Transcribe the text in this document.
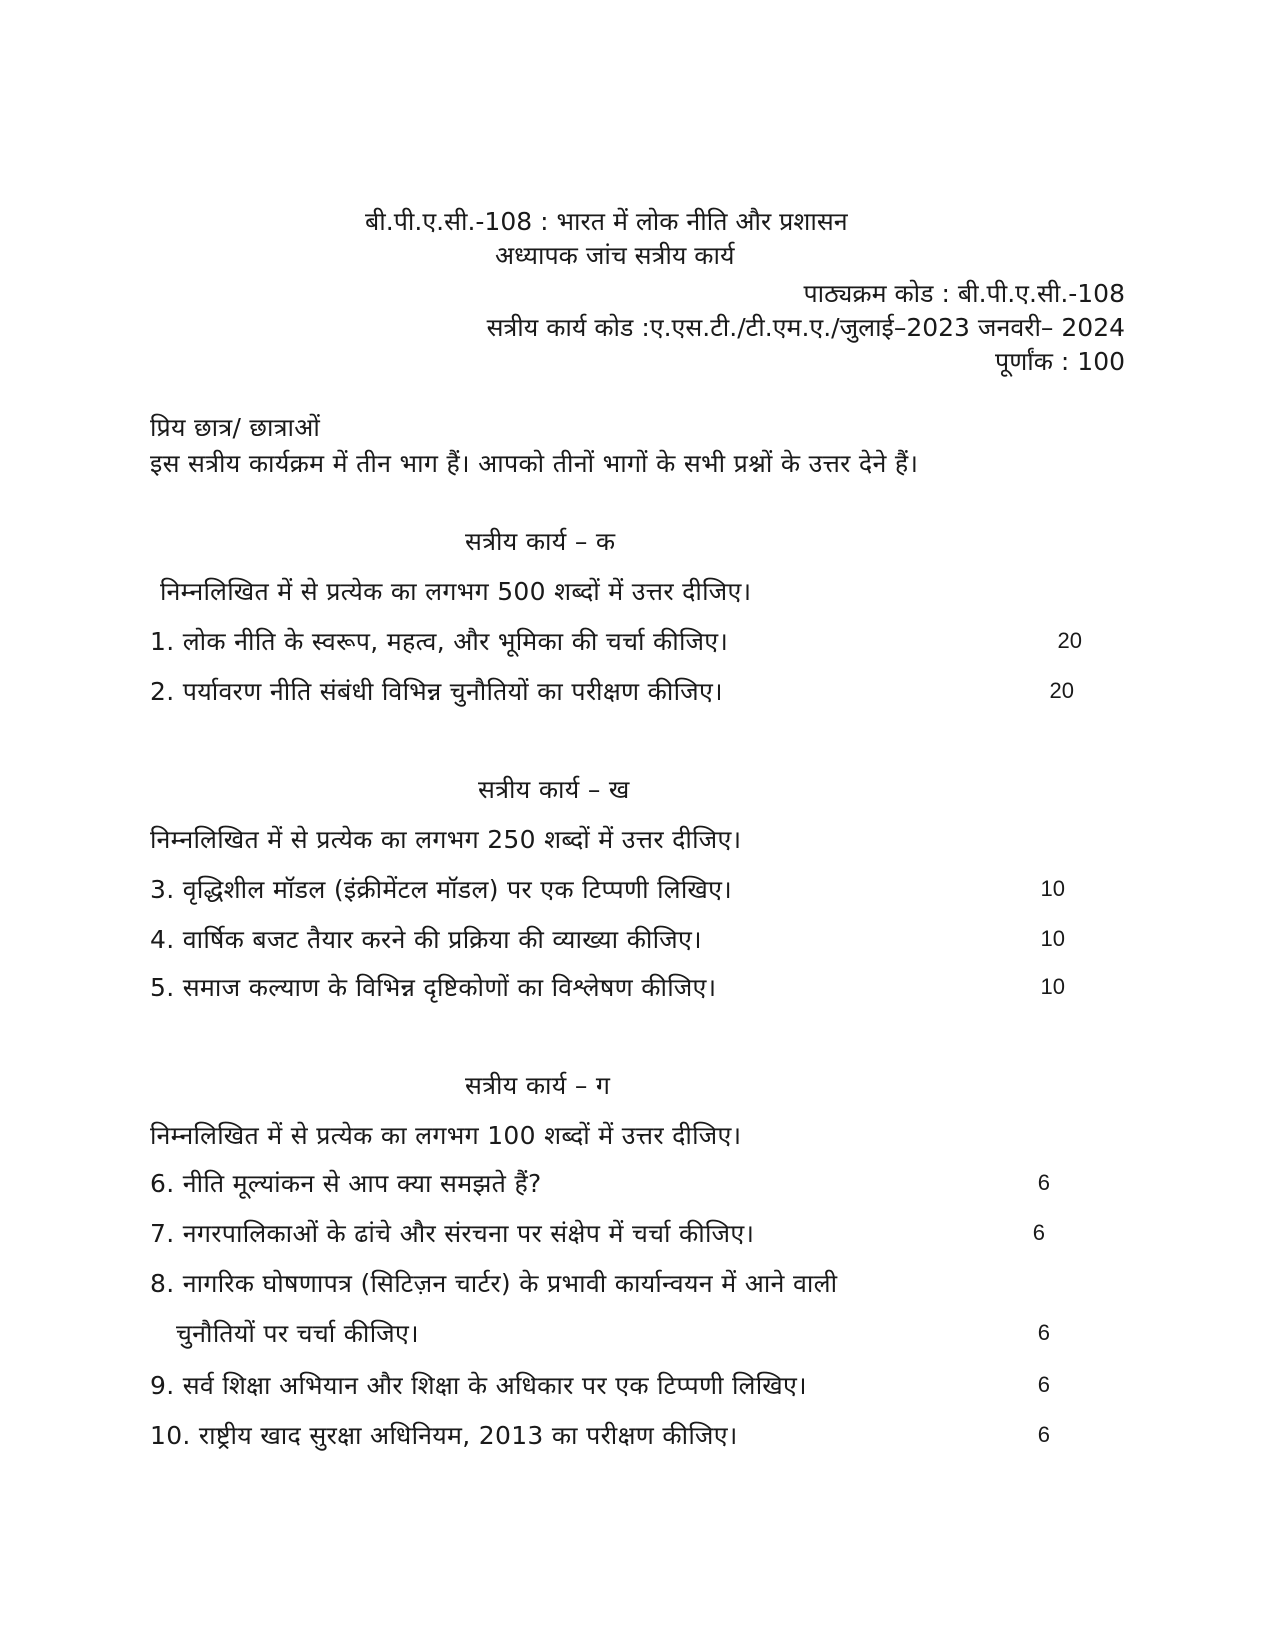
बी.पी.ए.सी.-108 : भारत में लोक नीति और प्रशासन
अध्यापक जांच सत्रीय कार्य
पाठ्यक्रम कोड : बी.पी.ए.सी.-108
सत्रीय कार्य कोड :ए.एस.टी./टी.एम.ए./जुलाई–2023 जनवरी– 2024
पूर्णांक : 100
प्रिय छात्र/ छात्राओं
इस सत्रीय कार्यक्रम में तीन भाग हैं। आपको तीनों भागों के सभी प्रश्नों के उत्तर देने हैं।
सत्रीय कार्य – क
निम्नलिखित में से प्रत्येक का लगभग 500 शब्दों में उत्तर दीजिए।
1. लोक नीति के स्वरूप, महत्व, और भूमिका की चर्चा कीजिए।	20
2. पर्यावरण नीति संबंधी विभिन्न चुनौतियों का परीक्षण कीजिए।	20
सत्रीय कार्य – ख
निम्नलिखित में से प्रत्येक का लगभग 250 शब्दों में उत्तर दीजिए।
3. वृद्धिशील मॉडल (इंक्रीमेंटल मॉडल) पर एक टिप्पणी लिखिए।	10
4. वार्षिक बजट तैयार करने की प्रक्रिया की व्याख्या कीजिए।	10
5. समाज कल्याण के विभिन्न दृष्टिकोणों का विश्लेषण कीजिए।	10
सत्रीय कार्य – ग
निम्नलिखित में से प्रत्येक का लगभग 100 शब्दों में उत्तर दीजिए।
6. नीति मूल्यांकन से आप क्या समझते हैं?	6
7. नगरपालिकाओं के ढांचे और संरचना पर संक्षेप में चर्चा कीजिए।	6
8. नागरिक घोषणापत्र (सिटिज़न चार्टर) के प्रभावी कार्यान्वयन में आने वाली
चुनौतियों पर चर्चा कीजिए।	6
9. सर्व शिक्षा अभियान और शिक्षा के अधिकार पर एक टिप्पणी लिखिए।	6
10. राष्ट्रीय खाद सुरक्षा अधिनियम, 2013 का परीक्षण कीजिए।	6
